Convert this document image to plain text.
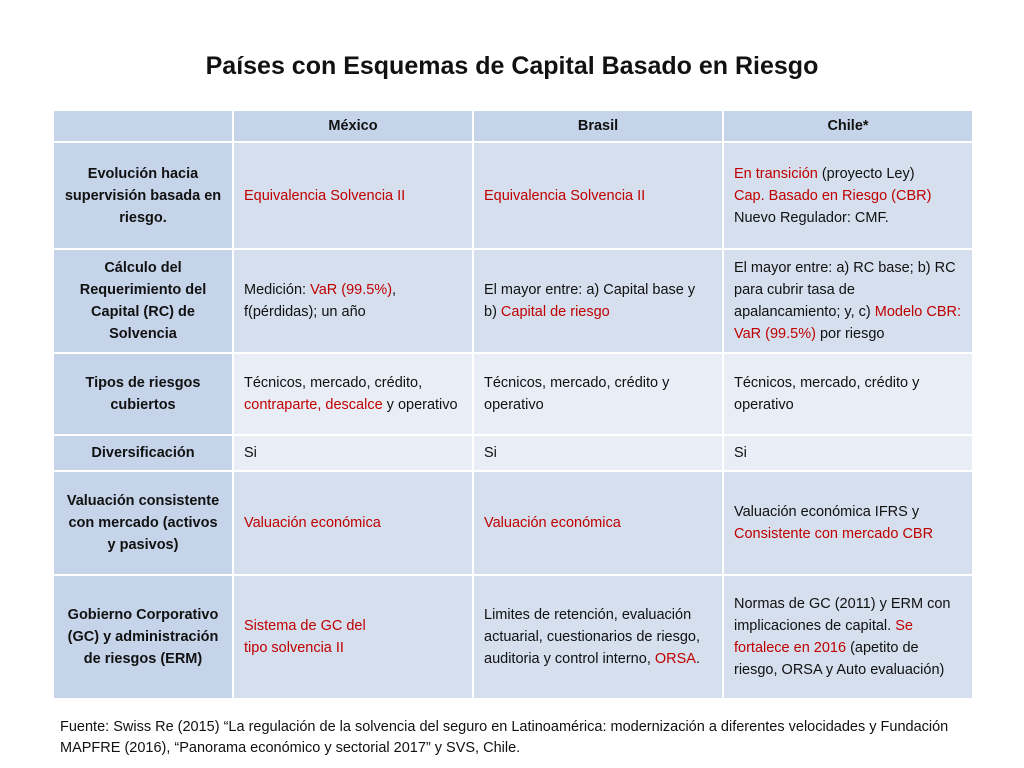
Países con Esquemas de Capital Basado en Riesgo
	México	Brasil	Chile*
Evolución hacia supervisión basada en riesgo.	Equivalencia Solvencia II	Equivalencia Solvencia II	En transición (proyecto Ley)
Cap. Basado en Riesgo (CBR)
Nuevo Regulador: CMF.
Cálculo del Requerimiento del Capital (RC) de Solvencia	Medición: VaR (99.5%),
f(pérdidas); un año	El mayor entre: a) Capital base y b) Capital de riesgo	El mayor entre: a) RC base; b) RC para cubrir tasa de apalancamiento; y, c) Modelo CBR: VaR (99.5%) por riesgo
Tipos de riesgos cubiertos	Técnicos, mercado, crédito, contraparte, descalce y operativo	Técnicos, mercado, crédito y operativo	Técnicos, mercado, crédito y operativo
Diversificación	Si	Si	Si
Valuación consistente con mercado (activos y pasivos)	Valuación económica	Valuación económica	Valuación económica IFRS y Consistente con mercado CBR
Gobierno Corporativo (GC) y administración de riesgos (ERM)	Sistema de GC del
tipo solvencia II	Limites de retención, evaluación actuarial, cuestionarios de riesgo, auditoria y control interno, ORSA.	Normas de GC (2011) y ERM con implicaciones de capital. Se fortalece en 2016 (apetito de riesgo, ORSA y Auto evaluación)
Fuente: Swiss Re (2015) “La regulación de la solvencia del seguro en Latinoamérica: modernización a diferentes velocidades y Fundación MAPFRE (2016), “Panorama económico y sectorial 2017” y SVS, Chile.
